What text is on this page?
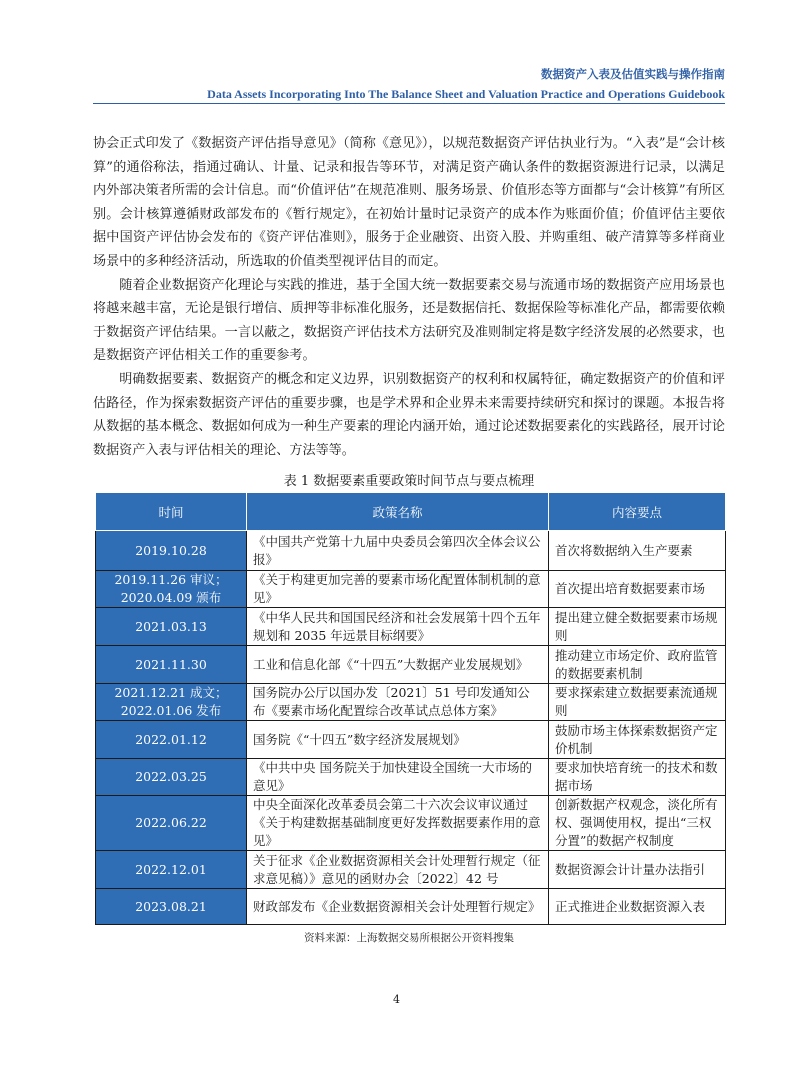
数据资产入表及估值实践与操作指南
Data Assets Incorporating Into The Balance Sheet and Valuation Practice and Operations Guidebook

协会正式印发了《数据资产评估指导意见》（简称《意见》），以规范数据资产评估执业行为。“入表”是“会计核算”的通俗称法，指通过确认、计量、记录和报告等环节，对满足资产确认条件的数据资源进行记录，以满足内外部决策者所需的会计信息。而“价值评估”在规范准则、服务场景、价值形态等方面都与“会计核算”有所区别。会计核算遵循财政部发布的《暂行规定》，在初始计量时记录资产的成本作为账面价值；价值评估主要依据中国资产评估协会发布的《资产评估准则》，服务于企业融资、出资入股、并购重组、破产清算等多样商业场景中的多种经济活动，所选取的价值类型视评估目的而定。

随着企业数据资产化理论与实践的推进，基于全国大统一数据要素交易与流通市场的数据资产应用场景也将越来越丰富，无论是银行增信、质押等非标准化服务，还是数据信托、数据保险等标准化产品，都需要依赖于数据资产评估结果。一言以蔽之，数据资产评估技术方法研究及准则制定将是数字经济发展的必然要求，也是数据资产评估相关工作的重要参考。

明确数据要素、数据资产的概念和定义边界，识别数据资产的权利和权属特征，确定数据资产的价值和评估路径，作为探索数据资产评估的重要步骤，也是学术界和企业界未来需要持续研究和探讨的课题。本报告将从数据的基本概念、数据如何成为一种生产要素的理论内涵开始，通过论述数据要素化的实践路径，展开讨论数据资产入表与评估相关的理论、方法等等。

表 1 数据要素重要政策时间节点与要点梳理
时间	政策名称	内容要点
2019.10.28	《中国共产党第十九届中央委员会第四次全体会议公报》	首次将数据纳入生产要素
2019.11.26 审议；2020.04.09 颁布	《关于构建更加完善的要素市场化配置体制机制的意见》	首次提出培育数据要素市场
2021.03.13	《中华人民共和国国民经济和社会发展第十四个五年规划和 2035 年远景目标纲要》	提出建立健全数据要素市场规则
2021.11.30	工业和信息化部《“十四五”大数据产业发展规划》	推动建立市场定价、政府监管的数据要素机制
2021.12.21 成文；2022.01.06 发布	国务院办公厅以国办发〔2021〕51 号印发通知公布《要素市场化配置综合改革试点总体方案》	要求探索建立数据要素流通规则
2022.01.12	国务院《“十四五”数字经济发展规划》	鼓励市场主体探索数据资产定价机制
2022.03.25	《中共中央 国务院关于加快建设全国统一大市场的意见》	要求加快培育统一的技术和数据市场
2022.06.22	中央全面深化改革委员会第二十六次会议审议通过《关于构建数据基础制度更好发挥数据要素作用的意见》	创新数据产权观念，淡化所有权、强调使用权，提出“三权分置”的数据产权制度
2022.12.01	关于征求《企业数据资源相关会计处理暂行规定（征求意见稿）》意见的函财办会〔2022〕42 号	数据资源会计计量办法指引
2023.08.21	财政部发布《企业数据资源相关会计处理暂行规定》	正式推进企业数据资源入表
资料来源：上海数据交易所根据公开资料搜集
4
